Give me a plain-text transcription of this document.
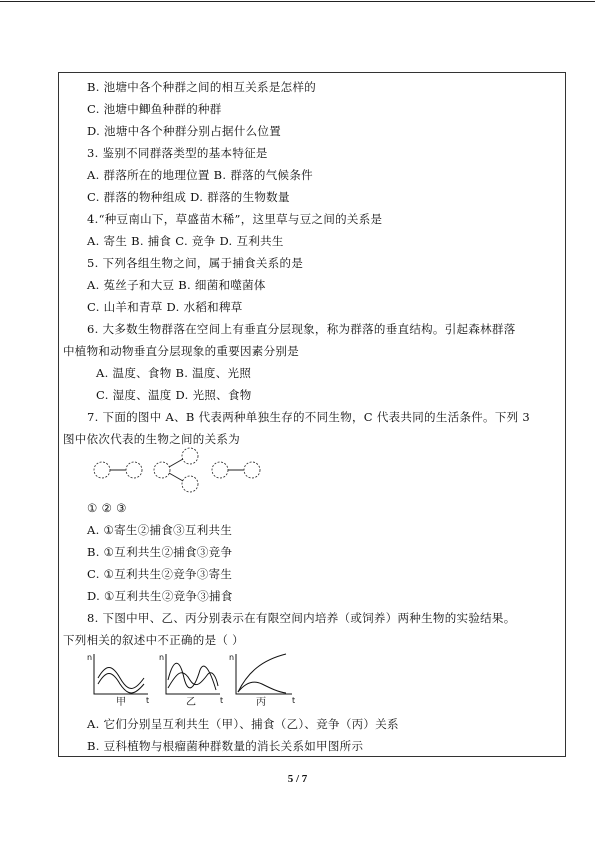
B. 池塘中各个种群之间的相互关系是怎样的
C. 池塘中鲫鱼种群的种群
D. 池塘中各个种群分别占据什么位置
3. 鉴别不同群落类型的基本特征是
A. 群落所在的地理位置 B. 群落的气候条件
C. 群落的物种组成 D. 群落的生物数量
4.“种豆南山下，草盛苗木稀”，这里草与豆之间的关系是
A. 寄生 B. 捕食 C. 竞争 D. 互利共生
5. 下列各组生物之间，属于捕食关系的是
A. 菟丝子和大豆 B. 细菌和噬菌体
C. 山羊和青草 D. 水稻和稗草
6. 大多数生物群落在空间上有垂直分层现象，称为群落的垂直结构。引起森林群落
中植物和动物垂直分层现象的重要因素分别是
A. 温度、食物 B. 温度、光照
C. 湿度、温度 D. 光照、食物
7. 下面的图中 A、B 代表两种单独生存的不同生物，C 代表共同的生活条件。下列 3
图中依次代表的生物之间的关系为
① ② ③
A. ①寄生②捕食③互利共生
B. ①互利共生②捕食③竞争
C. ①互利共生②竞争③寄生
D. ①互利共生②竞争③捕食
8. 下图中甲、乙、丙分别表示在有限空间内培养（或饲养）两种生物的实验结果。
下列相关的叙述中不正确的是（ ）
n
t
甲
n
t
乙
n
t
丙
A. 它们分别呈互利共生（甲）、捕食（乙）、竞争（丙）关系
B. 豆科植物与根瘤菌种群数量的消长关系如甲图所示
5 / 7
